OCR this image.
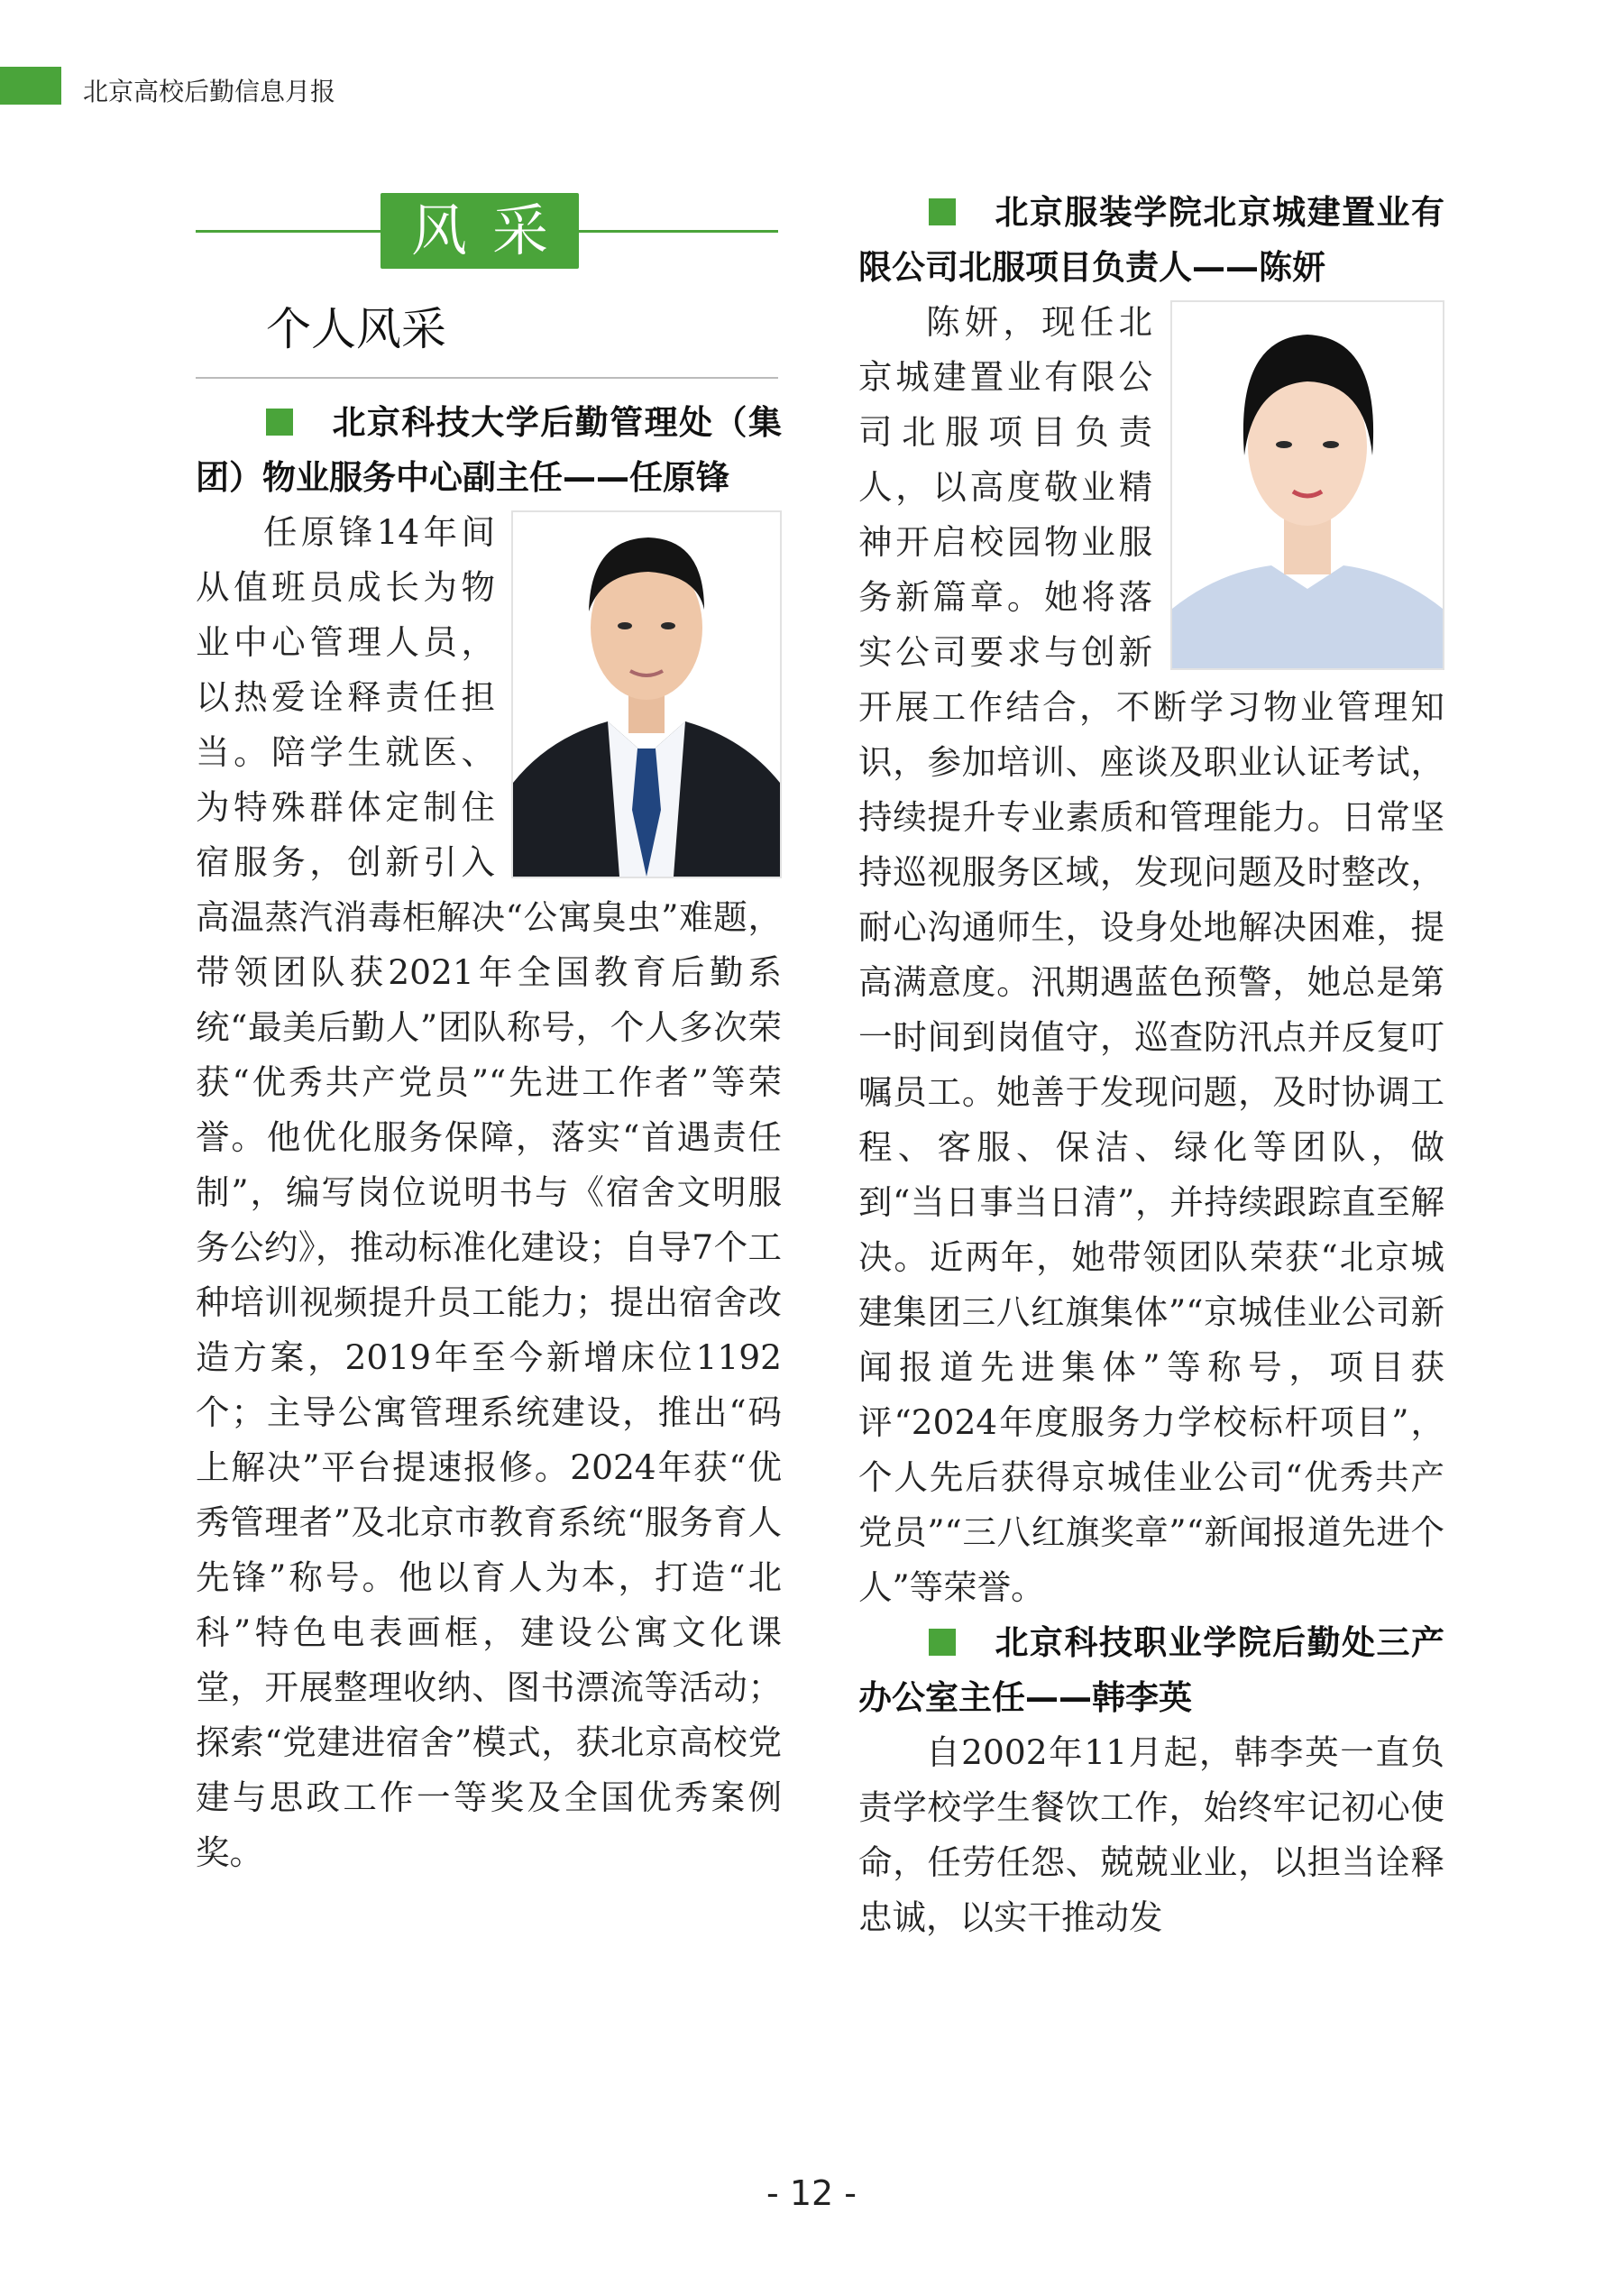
北京高校后勤信息月报
风采
个人风采
北京科技大学后勤管理处（集团）物业服务中心副主任——任原锋

任原锋14年间从值班员成长为物业中心管理人员，以热爱诠释责任担当。陪学生就医、为特殊群体定制住宿服务，创新引入高温蒸汽消毒柜解决“公寓臭虫”难题，带领团队获2021年全国教育后勤系统“最美后勤人”团队称号，个人多次荣获“优秀共产党员”“先进工作者”等荣誉。他优化服务保障，落实“首遇责任制”，编写岗位说明书与《宿舍文明服务公约》，推动标准化建设；自导7个工种培训视频提升员工能力；提出宿舍改造方案，2019年至今新增床位1192个；主导公寓管理系统建设，推出“码上解决”平台提速报修。2024年获“优秀管理者”及北京市教育系统“服务育人先锋”称号。他以育人为本，打造“北科”特色电表画框，建设公寓文化课堂，开展整理收纳、图书漂流等活动；探索“党建进宿舍”模式，获北京高校党建与思政工作一等奖及全国优秀案例奖。

北京服装学院北京城建置业有限公司北服项目负责人——陈妍

陈妍，现任北京城建置业有限公司北服项目负责人，以高度敬业精神开启校园物业服务新篇章。她将落实公司要求与创新开展工作结合，不断学习物业管理知识，参加培训、座谈及职业认证考试，持续提升专业素质和管理能力。日常坚持巡视服务区域，发现问题及时整改，耐心沟通师生，设身处地解决困难，提高满意度。汛期遇蓝色预警，她总是第一时间到岗值守，巡查防汛点并反复叮嘱员工。她善于发现问题，及时协调工程、客服、保洁、绿化等团队，做到“当日事当日清”，并持续跟踪直至解决。近两年，她带领团队荣获“北京城建集团三八红旗集体”“京城佳业公司新闻报道先进集体”等称号，项目获评“2024年度服务力学校标杆项目”，个人先后获得京城佳业公司“优秀共产党员”“三八红旗奖章”“新闻报道先进个人”等荣誉。

北京科技职业学院后勤处三产办公室主任——韩李英

自2002年11月起，韩李英一直负责学校学生餐饮工作，始终牢记初心使命，任劳任怨、兢兢业业，以担当诠释忠诚，以实干推动发

- 12 -
